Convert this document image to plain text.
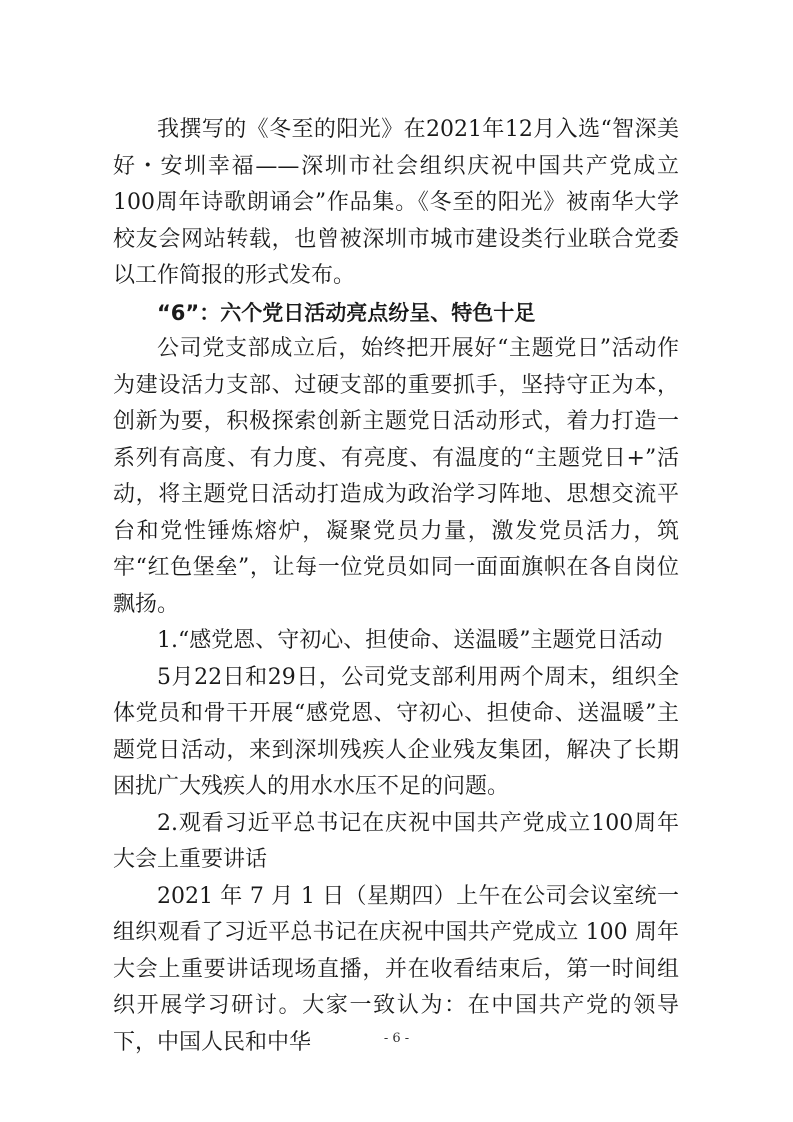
我撰写的《冬至的阳光》在2021年12月入选“智深美好・安圳幸福——深圳市社会组织庆祝中国共产党成立100周年诗歌朗诵会”作品集。《冬至的阳光》被南华大学校友会网站转载，也曾被深圳市城市建设类行业联合党委以工作简报的形式发布。

“6”：六个党日活动亮点纷呈、特色十足

公司党支部成立后，始终把开展好“主题党日”活动作为建设活力支部、过硬支部的重要抓手，坚持守正为本，创新为要，积极探索创新主题党日活动形式，着力打造一系列有高度、有力度、有亮度、有温度的“主题党日+”活动，将主题党日活动打造成为政治学习阵地、思想交流平台和党性锤炼熔炉，凝聚党员力量，激发党员活力，筑牢“红色堡垒”，让每一位党员如同一面面旗帜在各自岗位飘扬。

1.“感党恩、守初心、担使命、送温暖”主题党日活动

5月22日和29日，公司党支部利用两个周末，组织全体党员和骨干开展“感党恩、守初心、担使命、送温暖”主题党日活动，来到深圳残疾人企业残友集团，解决了长期困扰广大残疾人的用水水压不足的问题。

2.观看习近平总书记在庆祝中国共产党成立100周年大会上重要讲话

2021 年 7 月 1 日（星期四）上午在公司会议室统一组织观看了习近平总书记在庆祝中国共产党成立 100 周年大会上重要讲话现场直播，并在收看结束后，第一时间组织开展学习研讨。大家一致认为：在中国共产党的领导下，中国人民和中华	- 6 -
